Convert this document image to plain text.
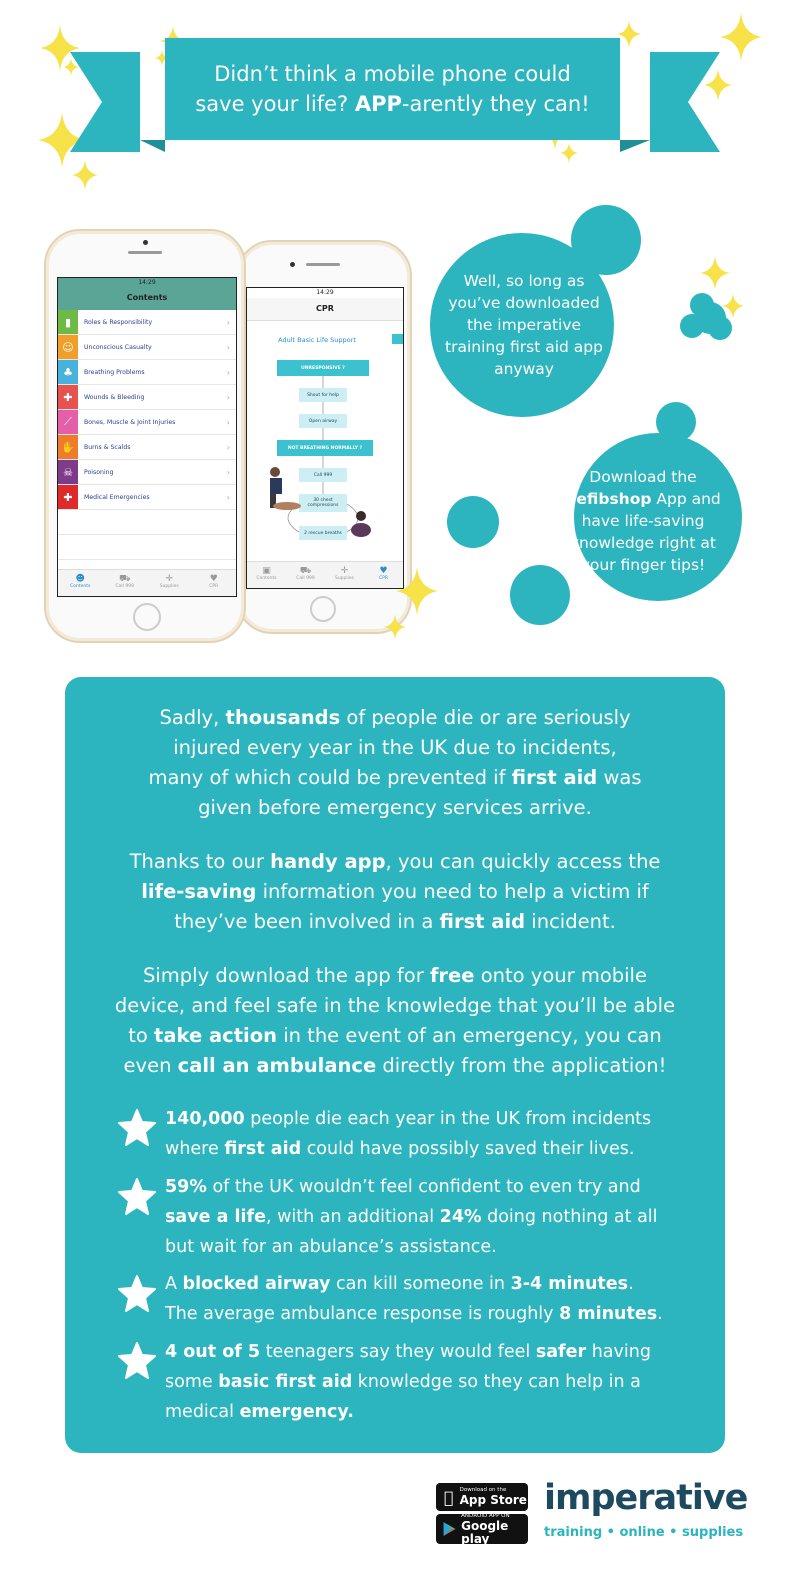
Didn’t think a mobile phone could
save your life? APP-arently they can!
Well, so long as
you’ve downloaded
the imperative
training first aid app
anyway
Download the
defibshop App and
have life-saving
knowledge right at
your finger tips!
14:29
CPR
Adult Basic Life Support
UNRESPONSIVE ?
Shout for help
Open airway
NOT BREATHING NORMALLY ?
Call 999
30 chest compressions
2 rescue breaths
▣
Contents
⛟
Call 999
✛
Supplies
♥
CPR
14:29
Contents
▮	Roles & Responsibility	›
☺	Unconscious Casualty	›
♣	Breathing Problems	›
✚	Wounds & Bleeding	›
⟋	Bones, Muscle & Joint Injuries	›
✋	Burns & Scalds	›
☠	Poisoning	›
✚	Medical Emergencies	›
☻
Contents
⛟
Call 999
✛
Supplies
♥
CPR
Sadly, thousands of people die or are seriously
injured every year in the UK due to incidents,
many of which could be prevented if first aid was
given before emergency services arrive.
Thanks to our handy app, you can quickly access the
life-saving information you need to help a victim if
they’ve been involved in a first aid incident.
Simply download the app for free onto your mobile
device, and feel safe in the knowledge that you’ll be able
to take action in the event of an emergency, you can
even call an ambulance directly from the application!
140,000 people die each year in the UK from incidents
where first aid could have possibly saved their lives.
59% of the UK wouldn’t feel confident to even try and
save a life, with an additional 24% doing nothing at all
but wait for an abulance’s assistance.
A blocked airway can kill someone in 3-4 minutes.
The average ambulance response is roughly 8 minutes.
4 out of 5 teenagers say they would feel safer having
some basic first aid knowledge so they can help in a
medical emergency.
Download on the
App Store
ANDROID APP ON
Google play
imperative
training • online • supplies
